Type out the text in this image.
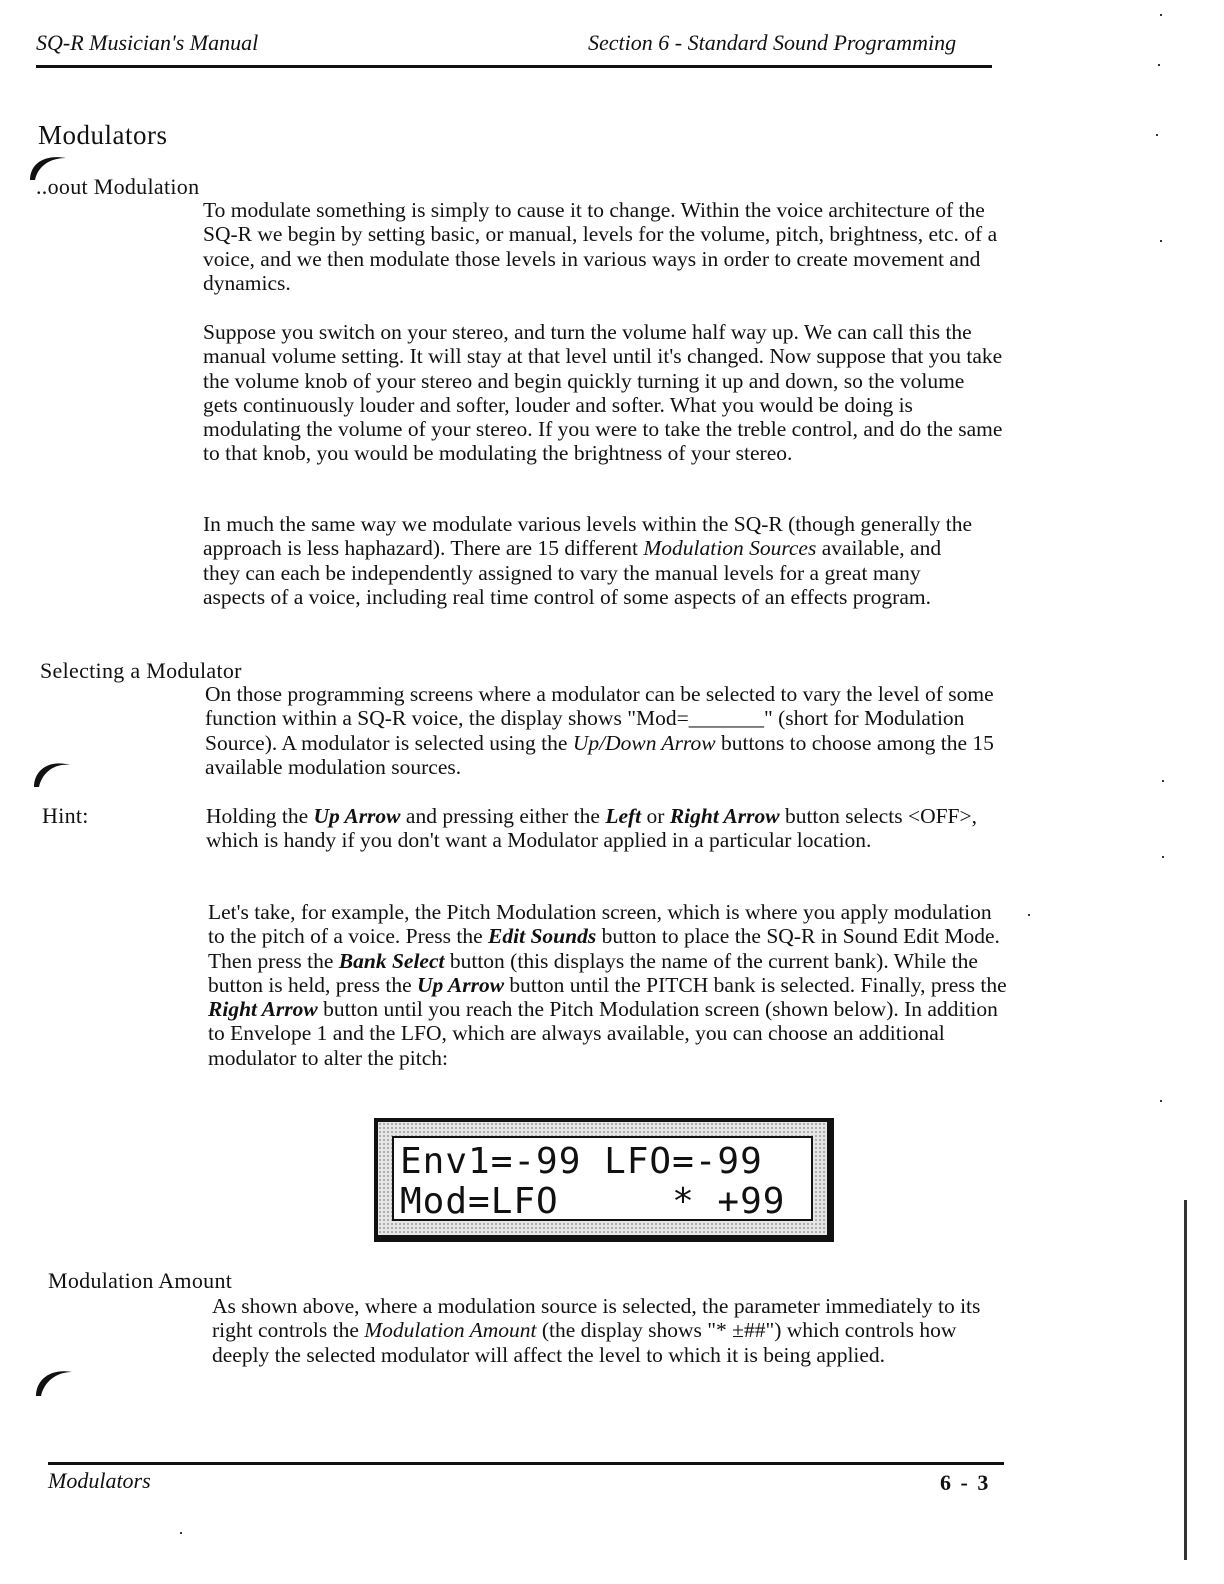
SQ-R Musician's Manual	Section 6 - Standard Sound Programming
Modulators
..oout Modulation

To modulate something is simply to cause it to change. Within the voice architecture of the SQ-R we begin by setting basic, or manual, levels for the volume, pitch, brightness, etc. of a voice, and we then modulate those levels in various ways in order to create movement and dynamics.

Suppose you switch on your stereo, and turn the volume half way up. We can call this the manual volume setting. It will stay at that level until it's changed. Now suppose that you take the volume knob of your stereo and begin quickly turning it up and down, so the volume gets continuously louder and softer, louder and softer. What you would be doing is modulating the volume of your stereo. If you were to take the treble control, and do the same to that knob, you would be modulating the brightness of your stereo.

In much the same way we modulate various levels within the SQ-R (though generally the approach is less haphazard). There are 15 different Modulation Sources available, and they can each be independently assigned to vary the manual levels for a great many aspects of a voice, including real time control of some aspects of an effects program.

Selecting a Modulator

On those programming screens where a modulator can be selected to vary the level of some function within a SQ-R voice, the display shows "Mod=_______" (short for Modulation Source). A modulator is selected using the Up/Down Arrow buttons to choose among the 15 available modulation sources.

Hint:	Holding the Up Arrow and pressing either the Left or Right Arrow button selects <OFF>, which is handy if you don't want a Modulator applied in a particular location.

Let's take, for example, the Pitch Modulation screen, which is where you apply modulation to the pitch of a voice. Press the Edit Sounds button to place the SQ-R in Sound Edit Mode. Then press the Bank Select button (this displays the name of the current bank). While the button is held, press the Up Arrow button until the PITCH bank is selected. Finally, press the Right Arrow button until you reach the Pitch Modulation screen (shown below). In addition to Envelope 1 and the LFO, which are always available, you can choose an additional modulator to alter the pitch:

Env1=-99 LFO=-99
Mod=LFO     * +99
Modulation Amount

As shown above, where a modulation source is selected, the parameter immediately to its right controls the Modulation Amount (the display shows "* ±##") which controls how deeply the selected modulator will affect the level to which it is being applied.

Modulators	6 - 3
